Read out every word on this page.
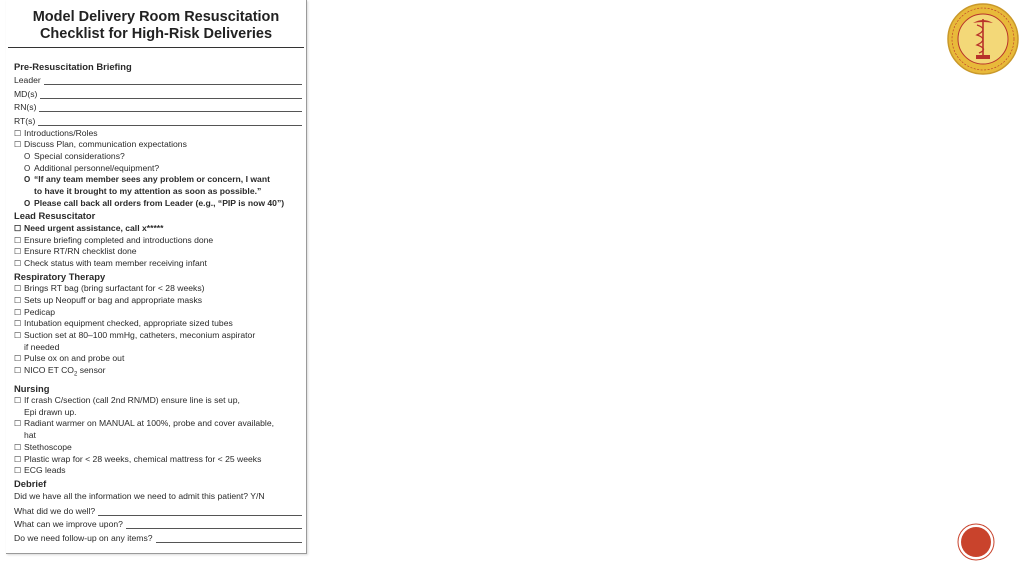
Model Delivery Room Resuscitation
Checklist for High-Risk Deliveries
Pre-Resuscitation Briefing
Leader
MD(s)
RN(s)
RT(s)
☐ Introductions/Roles
☐ Discuss Plan, communication expectations
O Special considerations?
O Additional personnel/equipment?
O “If any team member sees any problem or concern, I want
to have it brought to my attention as soon as possible.”
O Please call back all orders from Leader (e.g., “PIP is now 40”)
Lead Resuscitator
☐ Need urgent assistance, call x*****
☐ Ensure briefing completed and introductions done
☐ Ensure RT/RN checklist done
☐ Check status with team member receiving infant
Respiratory Therapy
☐ Brings RT bag (bring surfactant for < 28 weeks)
☐ Sets up Neopuff or bag and appropriate masks
☐ Pedicap
☐ Intubation equipment checked, appropriate sized tubes
☐ Suction set at 80–100 mmHg, catheters, meconium aspirator
if needed
☐ Pulse ox on and probe out
☐ NICO ET $CO_2$ sensor
Nursing
☐ If crash C/section (call 2nd RN/MD) ensure line is set up,
Epi drawn up.
☐ Radiant warmer on MANUAL at 100%, probe and cover available,
hat
☐ Stethoscope
☐ Plastic wrap for < 28 weeks, chemical mattress for < 25 weeks
☐ ECG leads
Debrief
Did we have all the information we need to admit this patient? Y/N
What did we do well?
What can we improve upon?
Do we need follow-up on any items?
